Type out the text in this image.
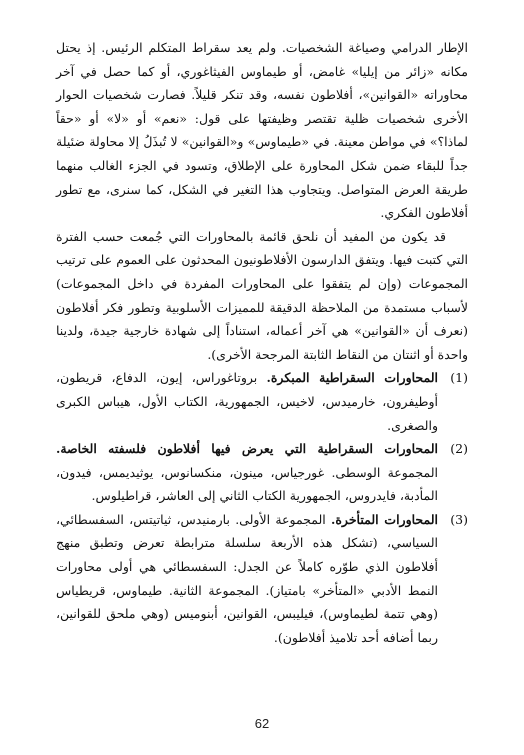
الإطار الدرامي وصياغة الشخصيات. ولم يعد سقراط المتكلم الرئيس. إذ يحتل مكانه «زائر من إيليا» غامض، أو طيماوس الفيثاغوري، أو كما حصل في آخر محاوراته «القوانين»، أفلاطون نفسه، وقد تنكر قليلاً. فصارت شخصيات الحوار الأخرى شخصيات ظلية تقتصر وظيفتها على قول: «نعم» أو «لا» أو «حقاً لماذا؟» في مواطن معينة. في «طيماوس» و«القوانين» لا تُبذَلُ إلا محاولة ضئيلة جداً للبقاء ضمن شكل المحاورة على الإطلاق، وتسود في الجزء الغالب منهما طريقة العرض المتواصل. ويتجاوب هذا التغير في الشكل، كما سنرى، مع تطور أفلاطون الفكري.

قد يكون من المفيد أن نلحق قائمة بالمحاورات التي جُمعت حسب الفترة التي كتبت فيها. ويتفق الدارسون الأفلاطونيون المحدثون على العموم على ترتيب المجموعات (وإن لم يتفقوا على المحاورات المفردة في داخل المجموعات) لأسباب مستمدة من الملاحظة الدقيقة للمميزات الأسلوبية وتطور فكر أفلاطون (نعرف أن «القوانين» هي آخر أعماله، استناداً إلى شهادة خارجية جيدة، ولدينا واحدة أو اثنتان من النقاط الثابتة المرجحة الأخرى).

(1)
المحاورات السقراطية المبكرة. بروتاغوراس، إيون، الدفاع، قريطون، أوطيفرون، خارميدس، لاخيس، الجمهورية، الكتاب الأول، هيباس الكبرى والصغرى.
(2)
المحاورات السقراطية التي يعرض فيها أفلاطون فلسفته الخاصة. المجموعة الوسطى. غورجياس، مينون، منكسانوس، يوثيديمس، فيدون، المأدبة، فايدروس، الجمهورية الكتاب الثاني إلى العاشر، قراطيلوس.
(3)
المحاورات المتأخرة. المجموعة الأولى. بارمنيدس، ثياتيتس، السفسطائي، السياسي، (تشكل هذه الأربعة سلسلة مترابطة تعرض وتطبق منهج أفلاطون الذي طوّره كاملاً عن الجدل: السفسطائي هي أولى محاورات النمط الأدبي «المتأخر» بامتياز). المجموعة الثانية. طيماوس، قريطياس (وهي تتمة لطيماوس)، فيليبس، القوانين، أبنوميس (وهي ملحق للقوانين، ربما أضافه أحد تلاميذ أفلاطون).
62
